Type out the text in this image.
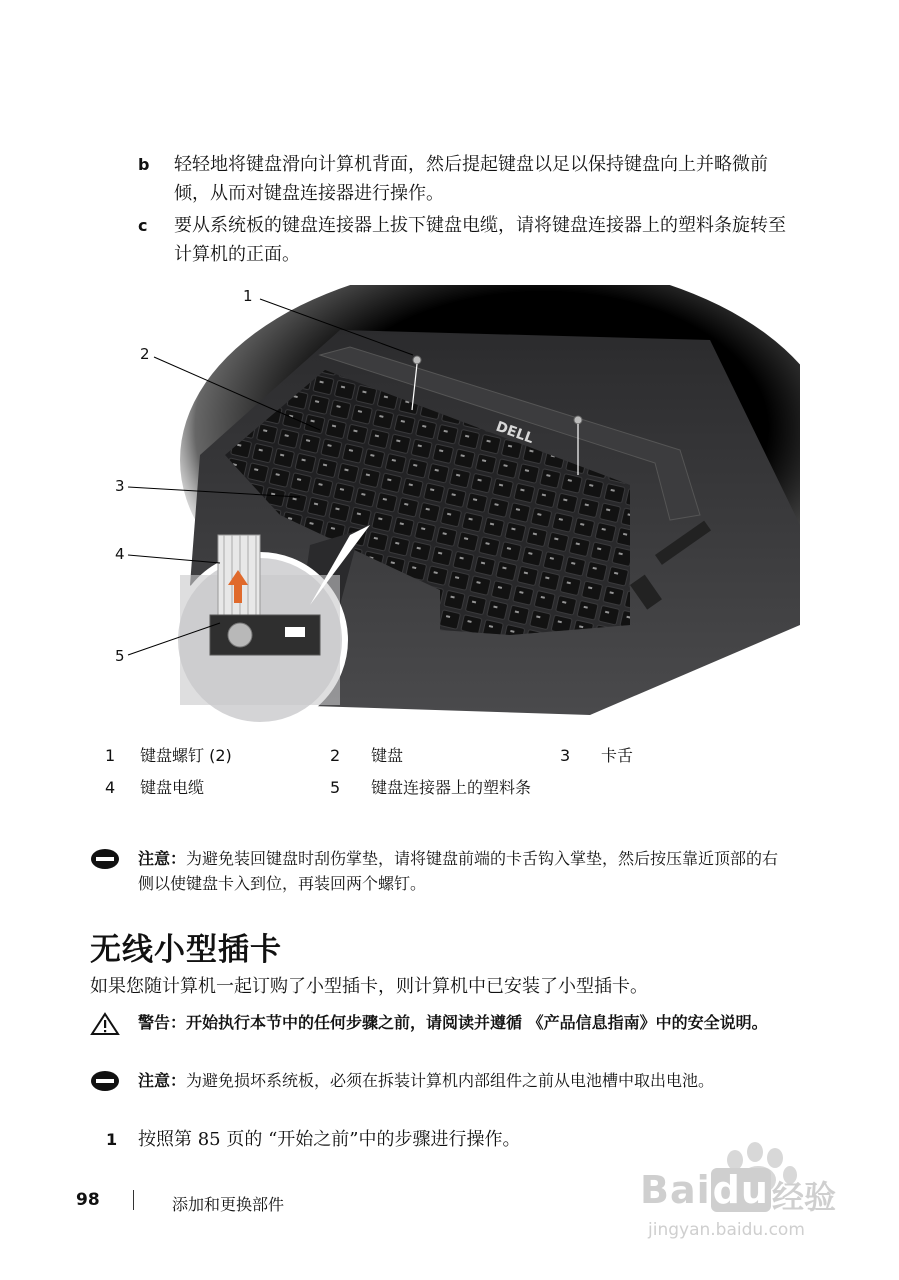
b 轻轻地将键盘滑向计算机背面，然后提起键盘以足以保持键盘向上并略微前倾，从而对键盘连接器进行操作。
c 要从系统板的键盘连接器上拔下键盘电缆，请将键盘连接器上的塑料条旋转至计算机的正面。
DELL
1
2
3
4
5
1 键盘螺钉 (2)	2 键盘	3 卡舌
4 键盘电缆	5 键盘连接器上的塑料条
注意：为避免装回键盘时刮伤掌垫，请将键盘前端的卡舌钩入掌垫，然后按压靠近顶部的右侧以使键盘卡入到位，再装回两个螺钉。
无线小型插卡
如果您随计算机一起订购了小型插卡，则计算机中已安装了小型插卡。
警告：开始执行本节中的任何步骤之前，请阅读并遵循 《产品信息指南》中的安全说明。
注意：为避免损坏系统板，必须在拆装计算机内部组件之前从电池槽中取出电池。
1 按照第 85 页的 “开始之前”中的步骤进行操作。
98	添加和更换部件	Baidu 经验
jingyan.baidu.com
